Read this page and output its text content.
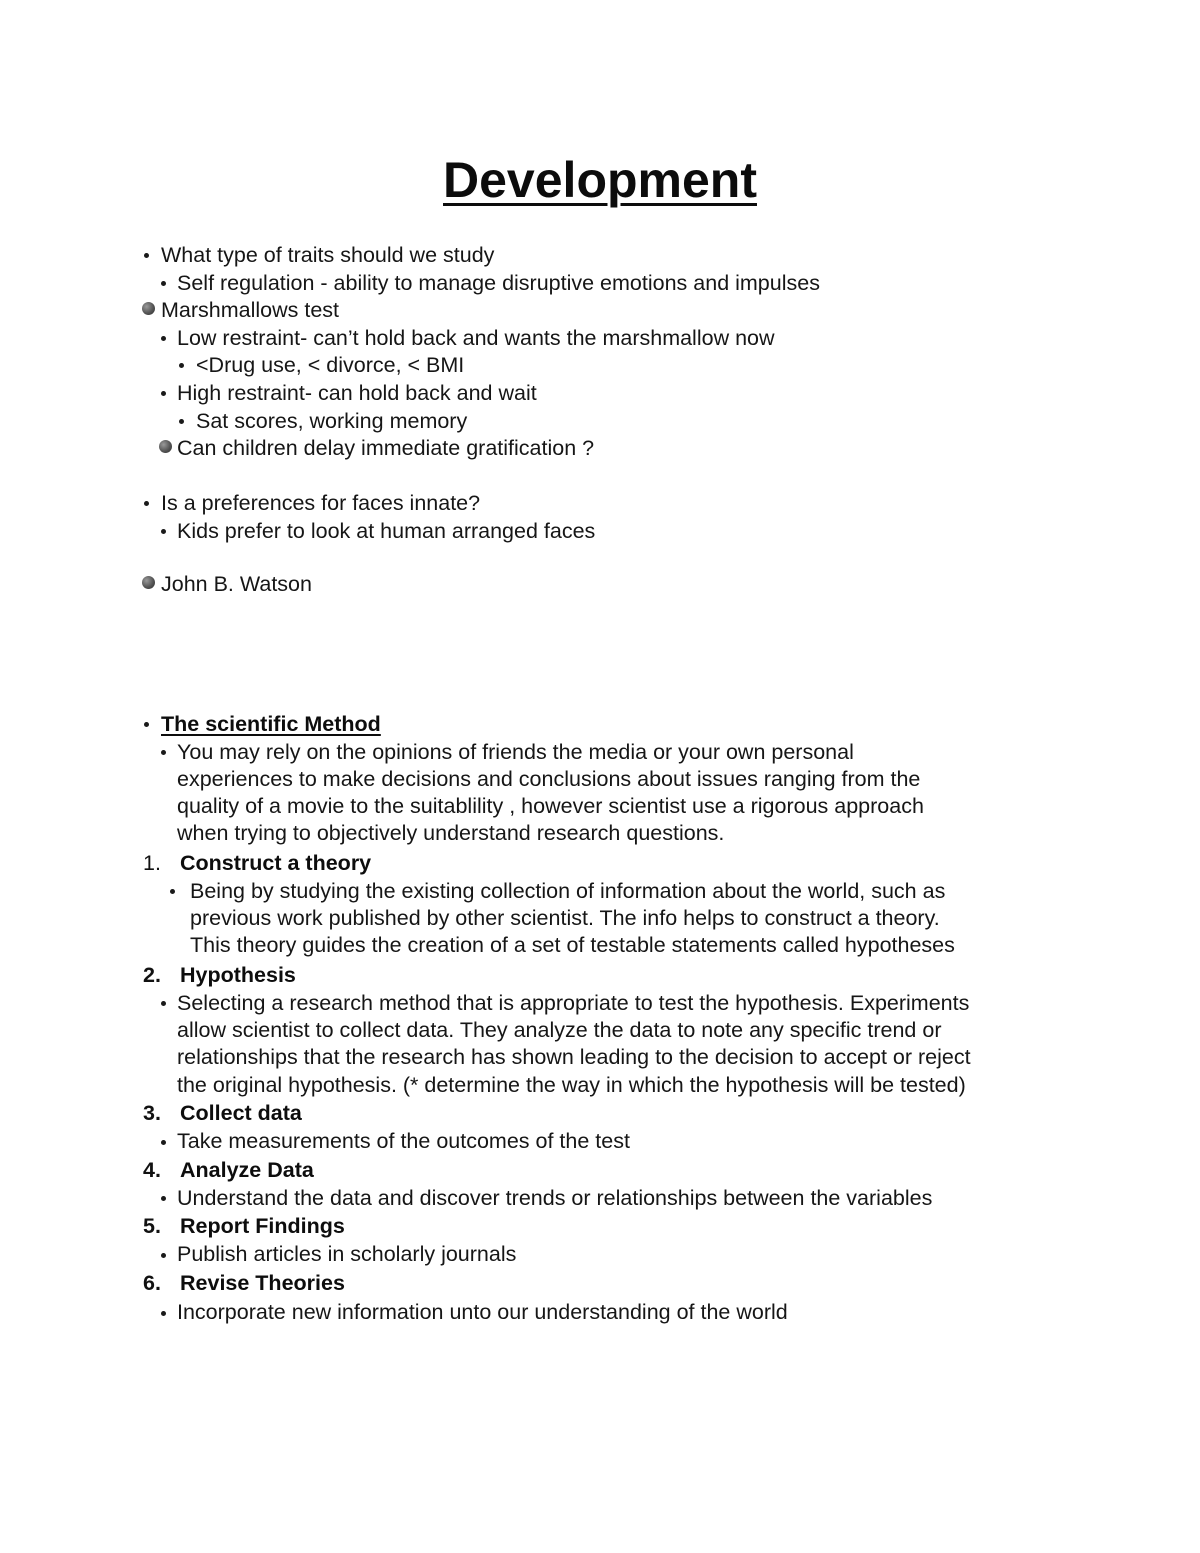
Development
What type of traits should we study
Self regulation - ability to manage disruptive emotions and impulses
Marshmallows test
Low restraint- can’t hold back and wants the marshmallow now
<Drug use, < divorce, < BMI
High restraint- can hold back and wait
Sat scores, working memory
Can children delay immediate gratification ?
Is a preferences for faces innate?
Kids prefer to look at human arranged faces
John B. Watson
The scientific Method
You may rely on the opinions of friends the media or your own personal
experiences to make decisions and conclusions about issues ranging from the
quality of a movie to the suitablility , however scientist use a rigorous approach
when trying to objectively understand research questions.
1. Construct a theory
Being by studying the existing collection of information about the world, such as
previous work published by other scientist. The info helps to construct a theory.
This theory guides the creation of a set of testable statements called hypotheses
2. Hypothesis
Selecting a research method that is appropriate to test the hypothesis. Experiments
allow scientist to collect data. They analyze the data to note any specific trend or
relationships that the research has shown leading to the decision to accept or reject
the original hypothesis. (* determine the way in which the hypothesis will be tested)
3. Collect data
Take measurements of the outcomes of the test
4. Analyze Data
Understand the data and discover trends or relationships between the variables
5. Report Findings
Publish articles in scholarly journals
6. Revise Theories
Incorporate new information unto our understanding of the world
